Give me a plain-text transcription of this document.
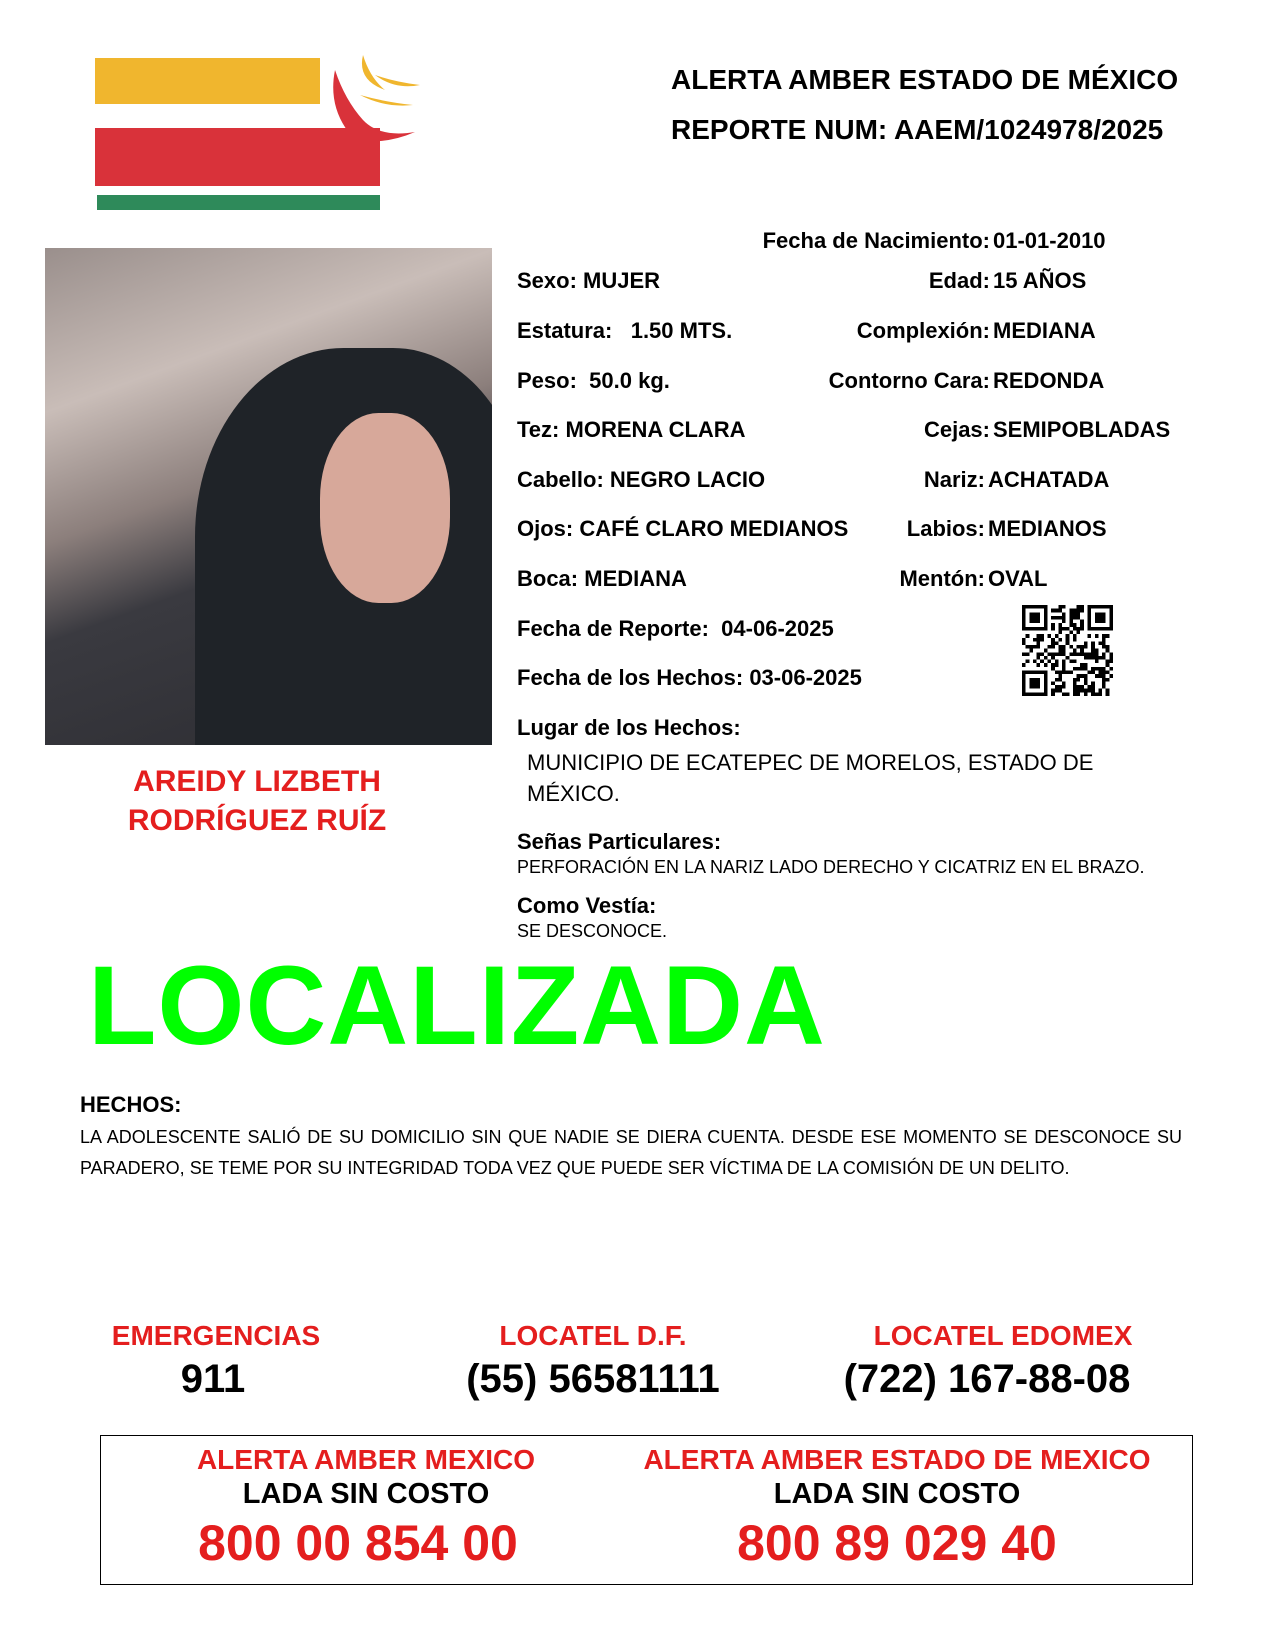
ALERTA AMBER ESTADO DE MÉXICO
REPORTE NUM: AAEM/1024978/2025
AREIDY LIZBETH
RODRÍGUEZ RUÍZ
Fecha de Nacimiento: 01-01-2010
Sexo: MUJER	Edad: 15 AÑOS
Estatura: 1.50 MTS.	Complexión: MEDIANA
Peso: 50.0 kg.	Contorno Cara: REDONDA
Tez: MORENA CLARA	Cejas: SEMIPOBLADAS
Cabello: NEGRO LACIO	Nariz: ACHATADA
Ojos: CAFÉ CLARO MEDIANOS	Labios: MEDIANOS
Boca: MEDIANA	Mentón: OVAL
Fecha de Reporte: 04-06-2025
Fecha de los Hechos: 03-06-2025
Lugar de los Hechos:
MUNICIPIO DE ECATEPEC DE MORELOS, ESTADO DE
MÉXICO.
Señas Particulares:
PERFORACIÓN EN LA NARIZ LADO DERECHO Y CICATRIZ EN EL BRAZO.
Como Vestía:
SE DESCONOCE.
LOCALIZADA
HECHOS:
LA ADOLESCENTE SALIÓ DE SU DOMICILIO SIN QUE NADIE SE DIERA CUENTA. DESDE ESE MOMENTO SE DESCONOCE SU PARADERO, SE TEME POR SU INTEGRIDAD TODA VEZ QUE PUEDE SER VÍCTIMA DE LA COMISIÓN DE UN DELITO.
EMERGENCIAS
911
LOCATEL D.F.
(55) 56581111
LOCATEL EDOMEX
(722) 167-88-08
ALERTA AMBER MEXICO
LADA SIN COSTO
800 00 854 00
ALERTA AMBER ESTADO DE MEXICO
LADA SIN COSTO
800 89 029 40
